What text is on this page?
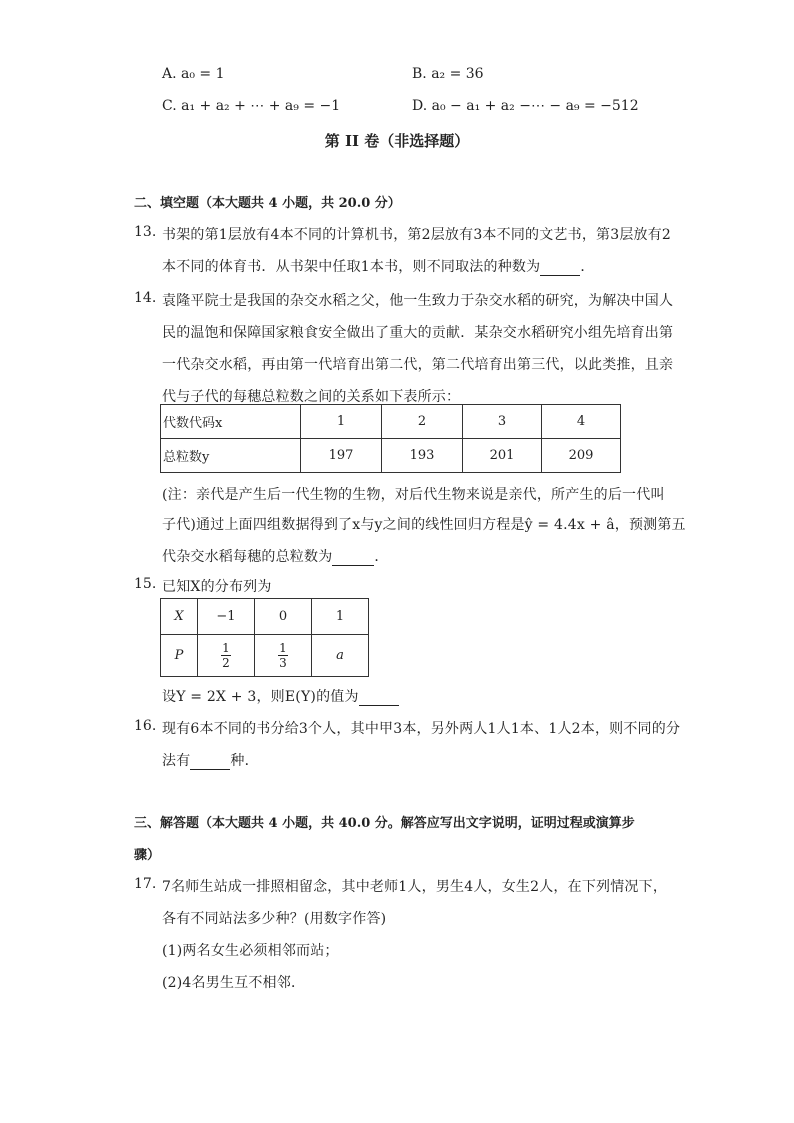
A. a₀ = 1	B. a₂ = 36
C. a₁ + a₂ + ⋯ + a₉ = −1	D. a₀ − a₁ + a₂ −⋯ − a₉ = −512
第 II 卷（非选择题）
二、填空题（本大题共 4 小题，共 20.0 分）
13. 书架的第1层放有4本不同的计算机书，第2层放有3本不同的文艺书，第3层放有2
本不同的体育书．从书架中任取1本书，则不同取法的种数为	．
14. 袁隆平院士是我国的杂交水稻之父，他一生致力于杂交水稻的研究，为解决中国人
民的温饱和保障国家粮食安全做出了重大的贡献．某杂交水稻研究小组先培育出第
一代杂交水稻，再由第一代培育出第二代，第二代培育出第三代，以此类推，且亲
代与子代的每穗总粒数之间的关系如下表所示：
代数代码x	1	2	3	4
总粒数y	197	193	201	209
(注：亲代是产生后一代生物的生物，对后代生物来说是亲代，所产生的后一代叫
子代)通过上面四组数据得到了x与y之间的线性回归方程是ŷ = 4.4x + â，预测第五
代杂交水稻每穗的总粒数为	．
15. 已知X的分布列为
X	−1	0	1
P	$\frac{1}{2}$	$\frac{1}{3}$	a
设Y = 2X + 3，则E(Y)的值为
16. 现有6本不同的书分给3个人，其中甲3本，另外两人1人1本、1人2本，则不同的分
法有	种．
三、解答题（本大题共 4 小题，共 40.0 分。解答应写出文字说明，证明过程或演算步
骤）
17. 7名师生站成一排照相留念，其中老师1人，男生4人，女生2人，在下列情况下，
各有不同站法多少种？(用数字作答)
(1)两名女生必须相邻而站；
(2)4名男生互不相邻．
